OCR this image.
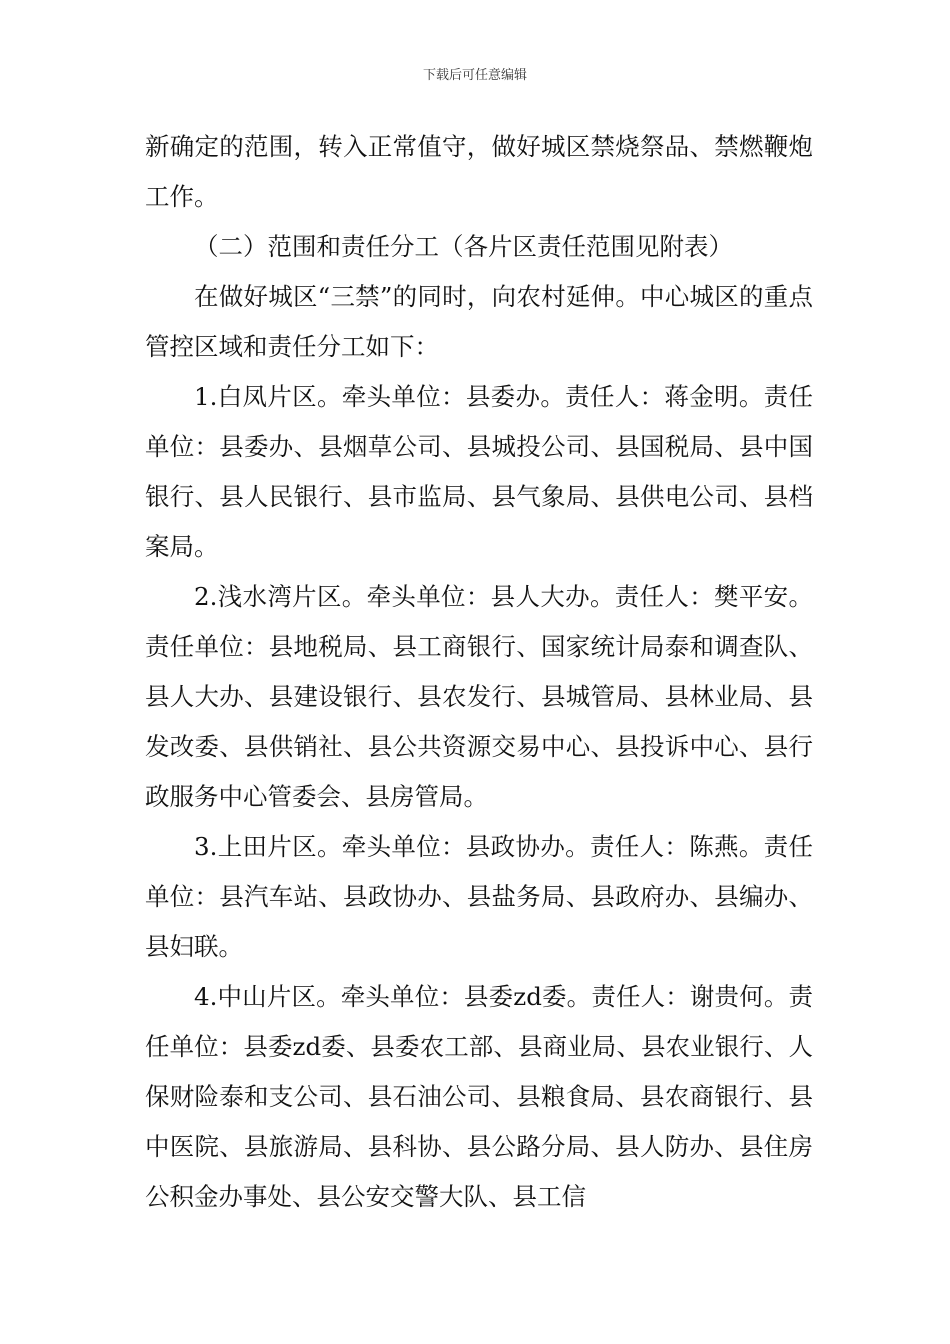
下载后可任意编辑

新确定的范围，转入正常值守，做好城区禁烧祭品、禁燃鞭炮工作。

（二）范围和责任分工（各片区责任范围见附表）

在做好城区“三禁”的同时，向农村延伸。中心城区的重点管控区域和责任分工如下：

1.白凤片区。牵头单位：县委办。责任人：蒋金明。责任单位：县委办、县烟草公司、县城投公司、县国税局、县中国银行、县人民银行、县市监局、县气象局、县供电公司、县档案局。

2.浅水湾片区。牵头单位：县人大办。责任人：樊平安。责任单位：县地税局、县工商银行、国家统计局泰和调查队、县人大办、县建设银行、县农发行、县城管局、县林业局、县发改委、县供销社、县公共资源交易中心、县投诉中心、县行政服务中心管委会、县房管局。

3.上田片区。牵头单位：县政协办。责任人：陈燕。责任单位：县汽车站、县政协办、县盐务局、县政府办、县编办、县妇联。

4.中山片区。牵头单位：县委zd委。责任人：谢贵何。责任单位：县委zd委、县委农工部、县商业局、县农业银行、人保财险泰和支公司、县石油公司、县粮食局、县农商银行、县中医院、县旅游局、县科协、县公路分局、县人防办、县住房公积金办事处、县公安交警大队、县工信
